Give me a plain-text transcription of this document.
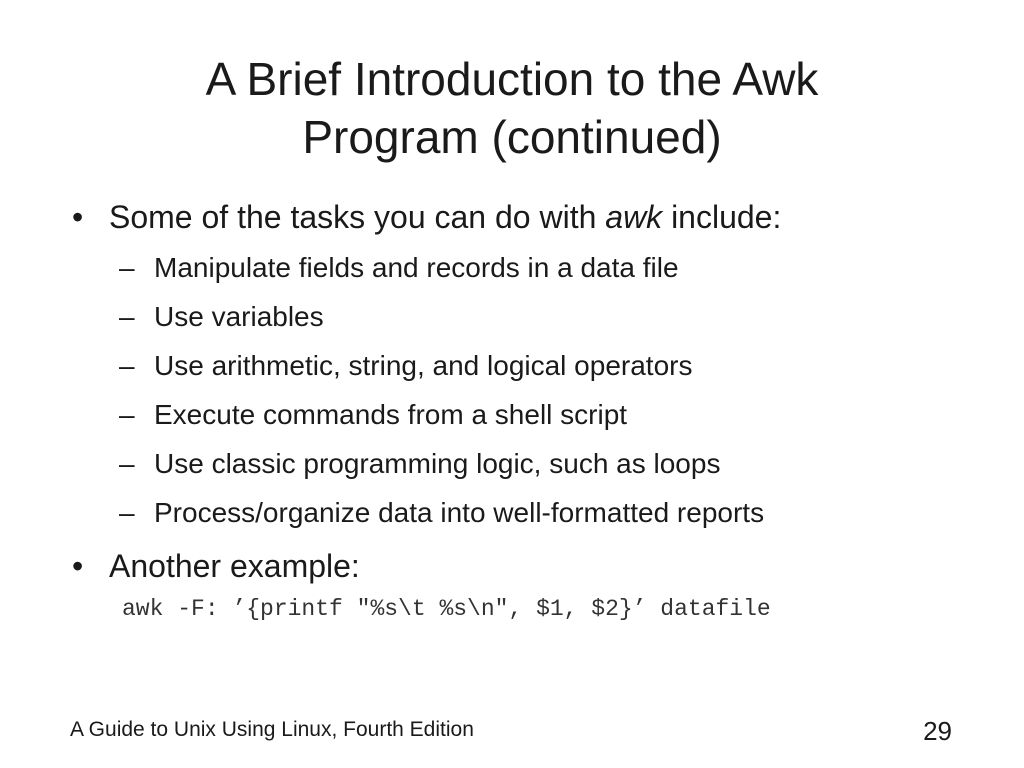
A Brief Introduction to the Awk
Program (continued)
• Some of the tasks you can do with awk include:
– Manipulate fields and records in a data file
– Use variables
– Use arithmetic, string, and logical operators
– Execute commands from a shell script
– Use classic programming logic, such as loops
– Process/organize data into well-formatted reports
• Another example:
awk -F: ’{printf "%s\t %s\n", $1, $2}’ datafile
A Guide to Unix Using Linux, Fourth Edition	29
